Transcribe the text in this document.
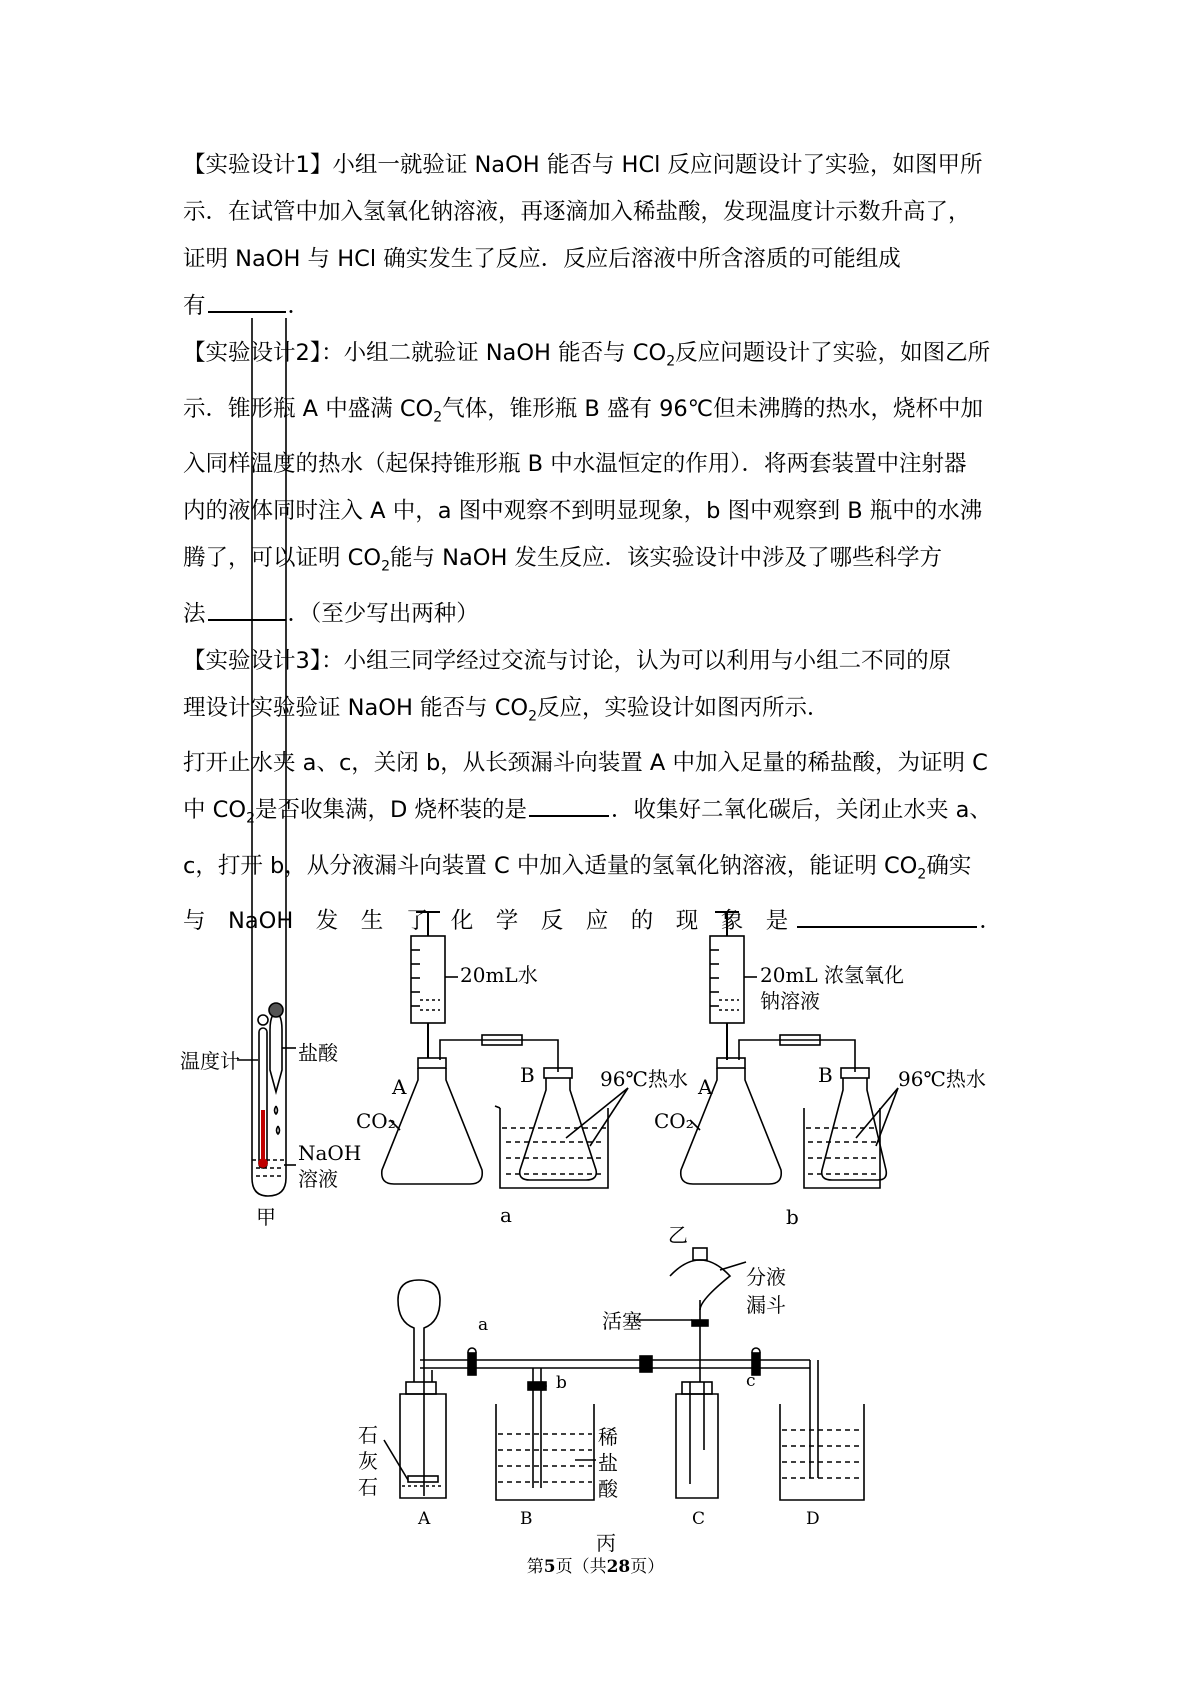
【实验设计1】小组一就验证 NaOH 能否与 HCl 反应问题设计了实验，如图甲所

示．在试管中加入氢氧化钠溶液，再逐滴加入稀盐酸，发现温度计示数升高了，

证明 NaOH 与 HCl 确实发生了反应．反应后溶液中所含溶质的可能组成

有	．

【实验设计2】：小组二就验证 NaOH 能否与 $CO_2$反应问题设计了实验，如图乙所

示．锥形瓶 A 中盛满 $CO_2$气体，锥形瓶 B 盛有 96℃但未沸腾的热水，烧杯中加

入同样温度的热水（起保持锥形瓶 B 中水温恒定的作用）．将两套装置中注射器

内的液体同时注入 A 中，a 图中观察不到明显现象，b 图中观察到 B 瓶中的水沸

腾了，可以证明 $CO_2$能与 NaOH 发生反应．该实验设计中涉及了哪些科学方

法	．（至少写出两种）

【实验设计3】：小组三同学经过交流与讨论，认为可以利用与小组二不同的原

理设计实验验证 NaOH 能否与 $CO_2$反应，实验设计如图丙所示．

打开止水夹 a、c，关闭 b，从长颈漏斗向装置 A 中加入足量的稀盐酸，为证明 C

中 $CO_2$是否收集满，D 烧杯装的是	．收集好二氧化碳后，关闭止水夹 a、

c，打开 b，从分液漏斗向装置 C 中加入适量的氢氧化钠溶液，能证明 $CO_2$确实

与　NaOH　发　生　了　化　学　反　应　的　现　象　是	．

温度计	盐酸
NaOH
溶液
甲
20mL水
A	B
CO₂
96℃热水
a
20mL 浓氢氧化
钠溶液
A	B
CO₂
96℃热水
b
乙
分液
漏斗
活塞
a
b	c
石
灰
石
稀
盐
酸
A	B	C	D
丙
第5页（共28页）
